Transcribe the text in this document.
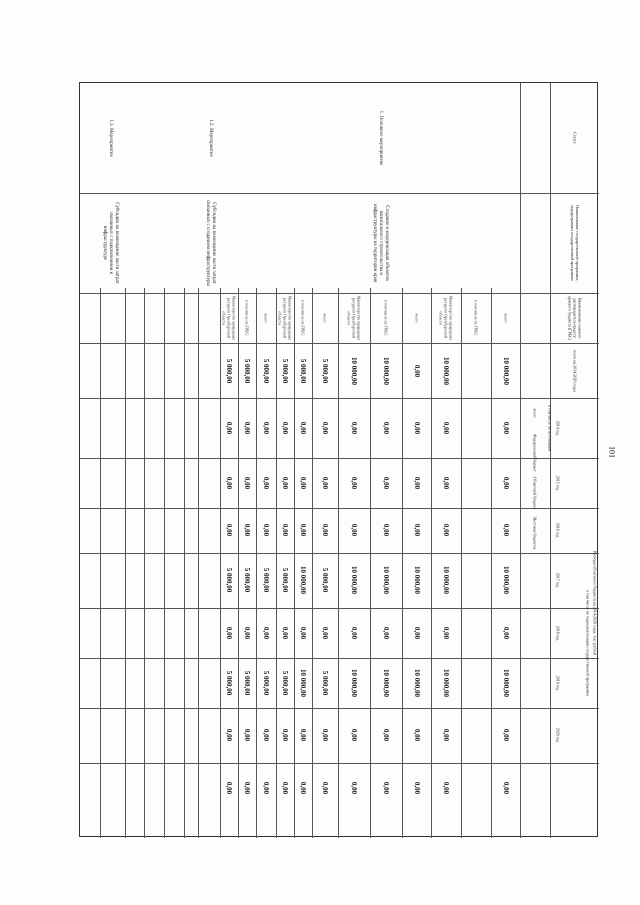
101
Статус
Наименование государственной программы, подпрограммы государственной программы
Наименование главного распорядителя средств краевого бюджета (ГРБС)
всего на 2014-2020 годы
Расходы областного бюджета на 2014-2020 годы, тыс. рублей
в том числе по годам реализации государственной программы
2014 год
2015 год
2016 год
2017 год
2018 год
2019 год
2020 год
в том числе по источникам
всего
Федеральный бюджет
Областной бюджет
Местные бюджеты
1. Основное мероприятие
Создание и модернизация объектов капитального строительства и инфраструктуры на территории края
1.2. Мероприятие
Субсидии на возмещение части затрат связанных с созданием инфраструктуры
1.3. Мероприятие
Субсидии на возмещение части затрат связанных с подключением к инфраструктуре
всего
в том числе по ГРБС:
Министерство природных ресурсов Оренбургской области
всего
в том числе по ГРБС:
Министерство природных ресурсов Оренбургской области
всего
в том числе по ГРБС:
Министерство природных ресурсов Оренбургской области
всего
в том числе по ГРБС:
Министерство природных ресурсов Оренбургской области
10 000,00
0,00
0,00
0,00
10 000,00
0,00
10 000,00
0,00
0,00
10 000,00
0,00
0,00
0,00
10 000,00
0,00
10 000,00
0,00
0,00
0,00
0,00
0,00
0,00
10 000,00
0,00
10 000,00
0,00
0,00
10 000,00
0,00
0,00
0,00
10 000,00
0,00
10 000,00
0,00
0,00
10 000,00
0,00
0,00
0,00
10 000,00
0,00
10 000,00
0,00
0,00
5 000,00
0,00
0,00
0,00
5 000,00
0,00
5 000,00
0,00
0,00
5 000,00
0,00
0,00
0,00
10 000,00
0,00
10 000,00
0,00
0,00
5 000,00
0,00
0,00
0,00
5 000,00
0,00
5 000,00
0,00
0,00
5 000,00
0,00
0,00
0,00
5 000,00
0,00
5 000,00
0,00
0,00
5 000,00
0,00
0,00
0,00
5 000,00
0,00
5 000,00
0,00
0,00
5 000,00
0,00
0,00
0,00
5 000,00
0,00
5 000,00
0,00
0,00
